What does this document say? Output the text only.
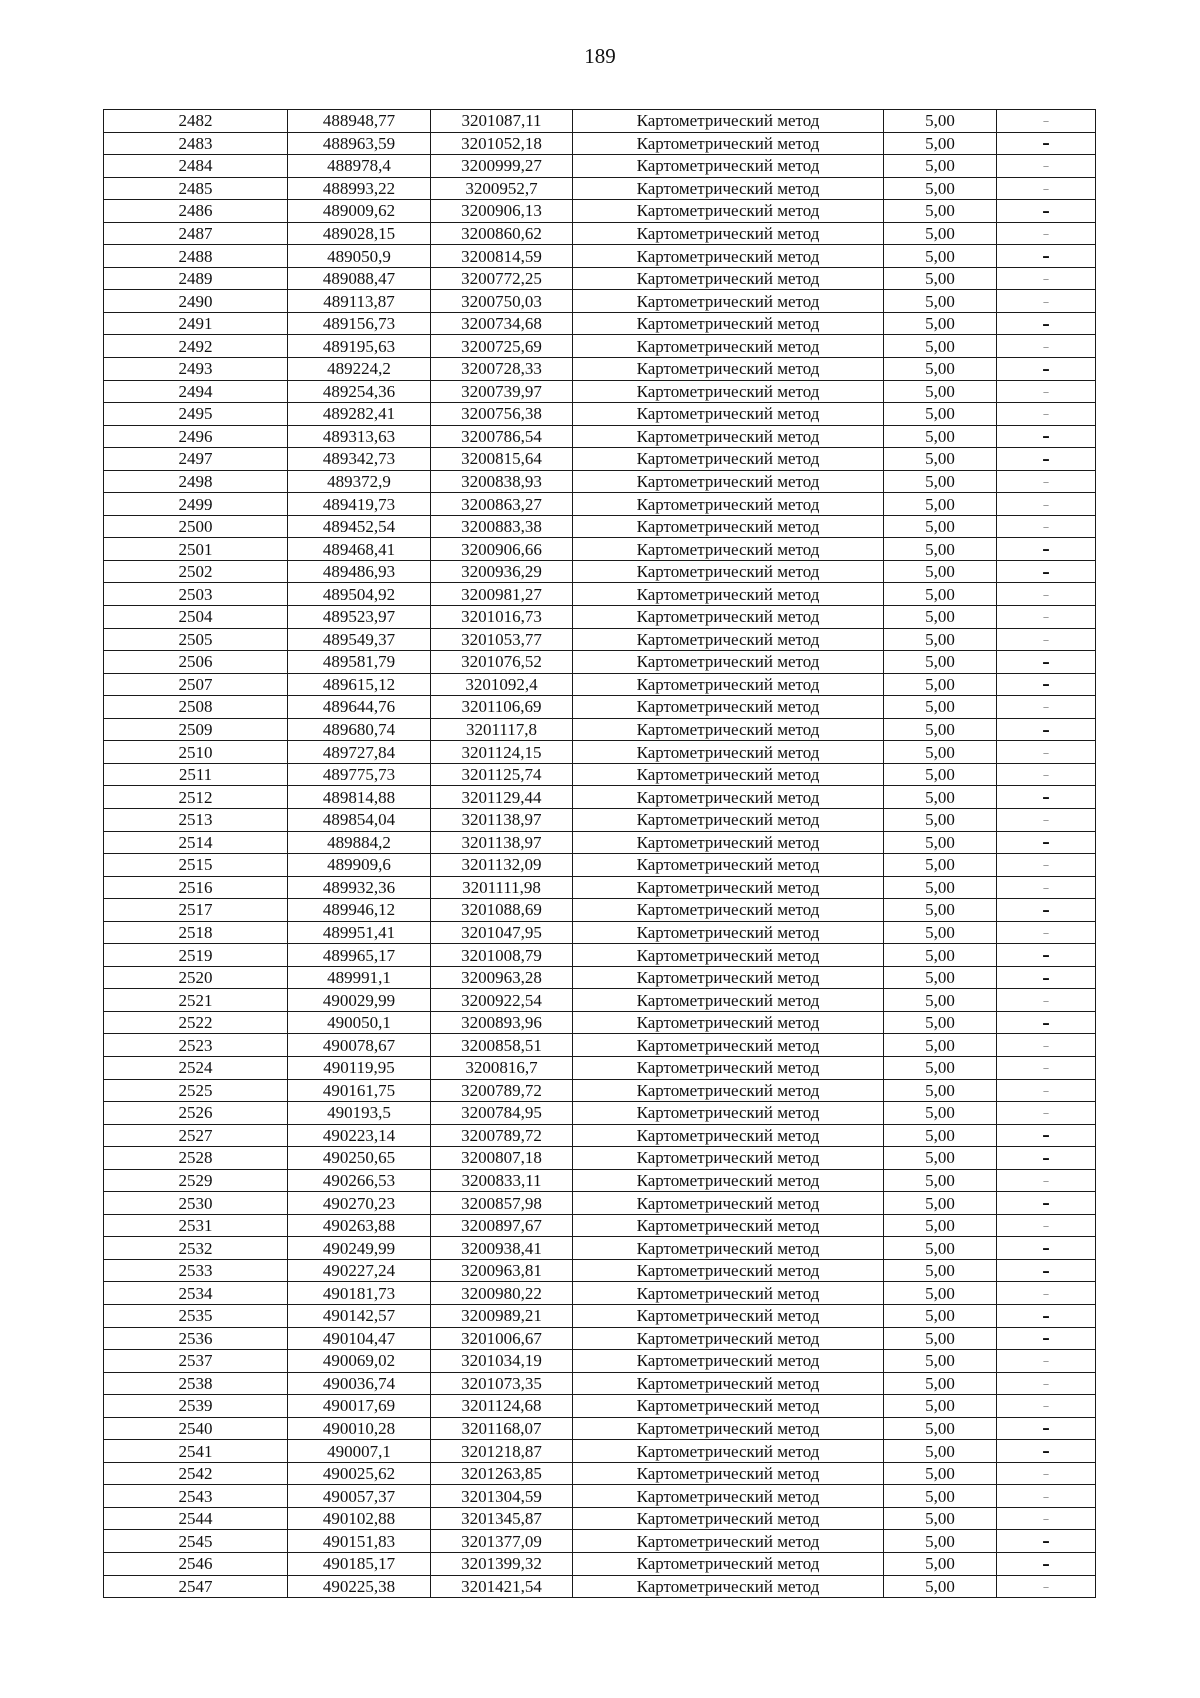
189
2482	488948,77	3201087,11	Картометрический метод	5,00	–
2483	488963,59	3201052,18	Картометрический метод	5,00	–
2484	488978,4	3200999,27	Картометрический метод	5,00	–
2485	488993,22	3200952,7	Картометрический метод	5,00	–
2486	489009,62	3200906,13	Картометрический метод	5,00	–
2487	489028,15	3200860,62	Картометрический метод	5,00	–
2488	489050,9	3200814,59	Картометрический метод	5,00	–
2489	489088,47	3200772,25	Картометрический метод	5,00	–
2490	489113,87	3200750,03	Картометрический метод	5,00	–
2491	489156,73	3200734,68	Картометрический метод	5,00	–
2492	489195,63	3200725,69	Картометрический метод	5,00	–
2493	489224,2	3200728,33	Картометрический метод	5,00	–
2494	489254,36	3200739,97	Картометрический метод	5,00	–
2495	489282,41	3200756,38	Картометрический метод	5,00	–
2496	489313,63	3200786,54	Картометрический метод	5,00	–
2497	489342,73	3200815,64	Картометрический метод	5,00	–
2498	489372,9	3200838,93	Картометрический метод	5,00	–
2499	489419,73	3200863,27	Картометрический метод	5,00	–
2500	489452,54	3200883,38	Картометрический метод	5,00	–
2501	489468,41	3200906,66	Картометрический метод	5,00	–
2502	489486,93	3200936,29	Картометрический метод	5,00	–
2503	489504,92	3200981,27	Картометрический метод	5,00	–
2504	489523,97	3201016,73	Картометрический метод	5,00	–
2505	489549,37	3201053,77	Картометрический метод	5,00	–
2506	489581,79	3201076,52	Картометрический метод	5,00	–
2507	489615,12	3201092,4	Картометрический метод	5,00	–
2508	489644,76	3201106,69	Картометрический метод	5,00	–
2509	489680,74	3201117,8	Картометрический метод	5,00	–
2510	489727,84	3201124,15	Картометрический метод	5,00	–
2511	489775,73	3201125,74	Картометрический метод	5,00	–
2512	489814,88	3201129,44	Картометрический метод	5,00	–
2513	489854,04	3201138,97	Картометрический метод	5,00	–
2514	489884,2	3201138,97	Картометрический метод	5,00	–
2515	489909,6	3201132,09	Картометрический метод	5,00	–
2516	489932,36	3201111,98	Картометрический метод	5,00	–
2517	489946,12	3201088,69	Картометрический метод	5,00	–
2518	489951,41	3201047,95	Картометрический метод	5,00	–
2519	489965,17	3201008,79	Картометрический метод	5,00	–
2520	489991,1	3200963,28	Картометрический метод	5,00	–
2521	490029,99	3200922,54	Картометрический метод	5,00	–
2522	490050,1	3200893,96	Картометрический метод	5,00	–
2523	490078,67	3200858,51	Картометрический метод	5,00	–
2524	490119,95	3200816,7	Картометрический метод	5,00	–
2525	490161,75	3200789,72	Картометрический метод	5,00	–
2526	490193,5	3200784,95	Картометрический метод	5,00	–
2527	490223,14	3200789,72	Картометрический метод	5,00	–
2528	490250,65	3200807,18	Картометрический метод	5,00	–
2529	490266,53	3200833,11	Картометрический метод	5,00	–
2530	490270,23	3200857,98	Картометрический метод	5,00	–
2531	490263,88	3200897,67	Картометрический метод	5,00	–
2532	490249,99	3200938,41	Картометрический метод	5,00	–
2533	490227,24	3200963,81	Картометрический метод	5,00	–
2534	490181,73	3200980,22	Картометрический метод	5,00	–
2535	490142,57	3200989,21	Картометрический метод	5,00	–
2536	490104,47	3201006,67	Картометрический метод	5,00	–
2537	490069,02	3201034,19	Картометрический метод	5,00	–
2538	490036,74	3201073,35	Картометрический метод	5,00	–
2539	490017,69	3201124,68	Картометрический метод	5,00	–
2540	490010,28	3201168,07	Картометрический метод	5,00	–
2541	490007,1	3201218,87	Картометрический метод	5,00	–
2542	490025,62	3201263,85	Картометрический метод	5,00	–
2543	490057,37	3201304,59	Картометрический метод	5,00	–
2544	490102,88	3201345,87	Картометрический метод	5,00	–
2545	490151,83	3201377,09	Картометрический метод	5,00	–
2546	490185,17	3201399,32	Картометрический метод	5,00	–
2547	490225,38	3201421,54	Картометрический метод	5,00	–
